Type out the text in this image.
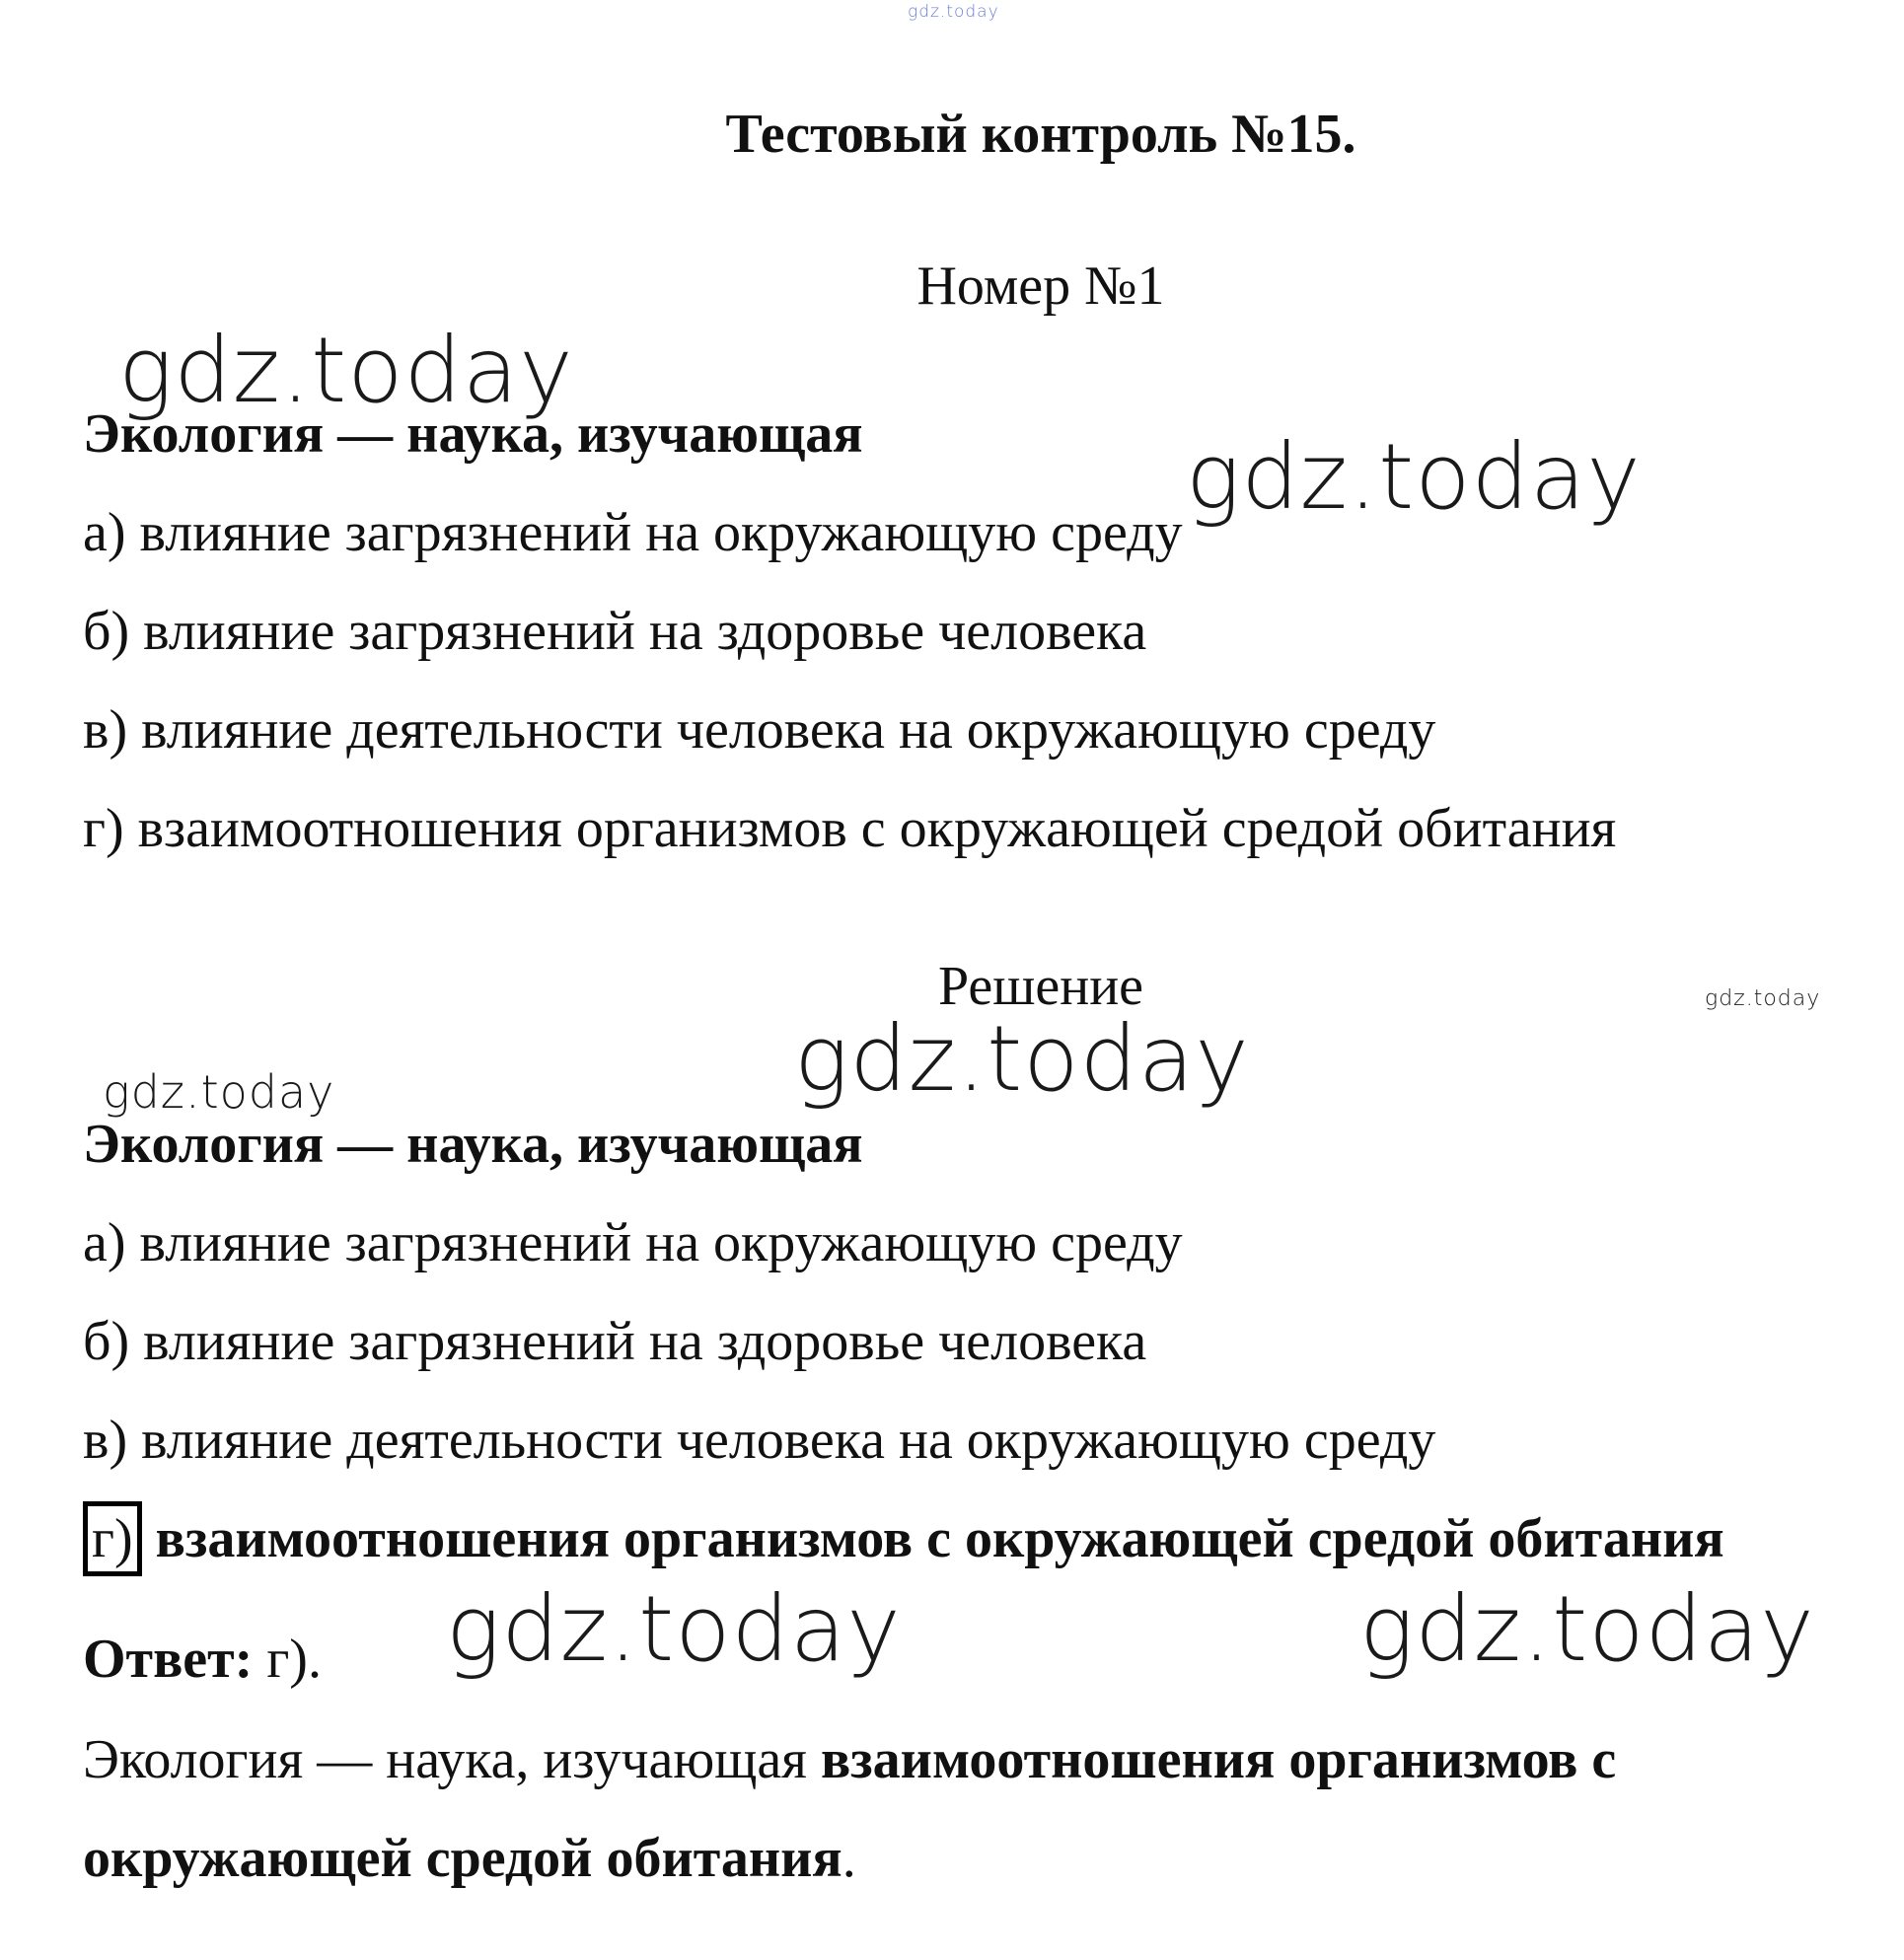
gdz.today
Тестовый контроль №15.
Номер №1
gdz.today
gdz.today
Экология — наука, изучающая
а) влияние загрязнений на окружающую среду
б) влияние загрязнений на здоровье человека
в) влияние деятельности человека на окружающую среду
г) взаимоотношения организмов с окружающей средой обитания
Решение	gdz.today
gdz.today
gdz.today
Экология — наука, изучающая
а) влияние загрязнений на окружающую среду
б) влияние загрязнений на здоровье человека
в) влияние деятельности человека на окружающую среду
г) взаимоотношения организмов с окружающей средой обитания
gdz.today	gdz.today
Ответ: г).
Экология — наука, изучающая взаимоотношения организмов с
окружающей средой обитания.
